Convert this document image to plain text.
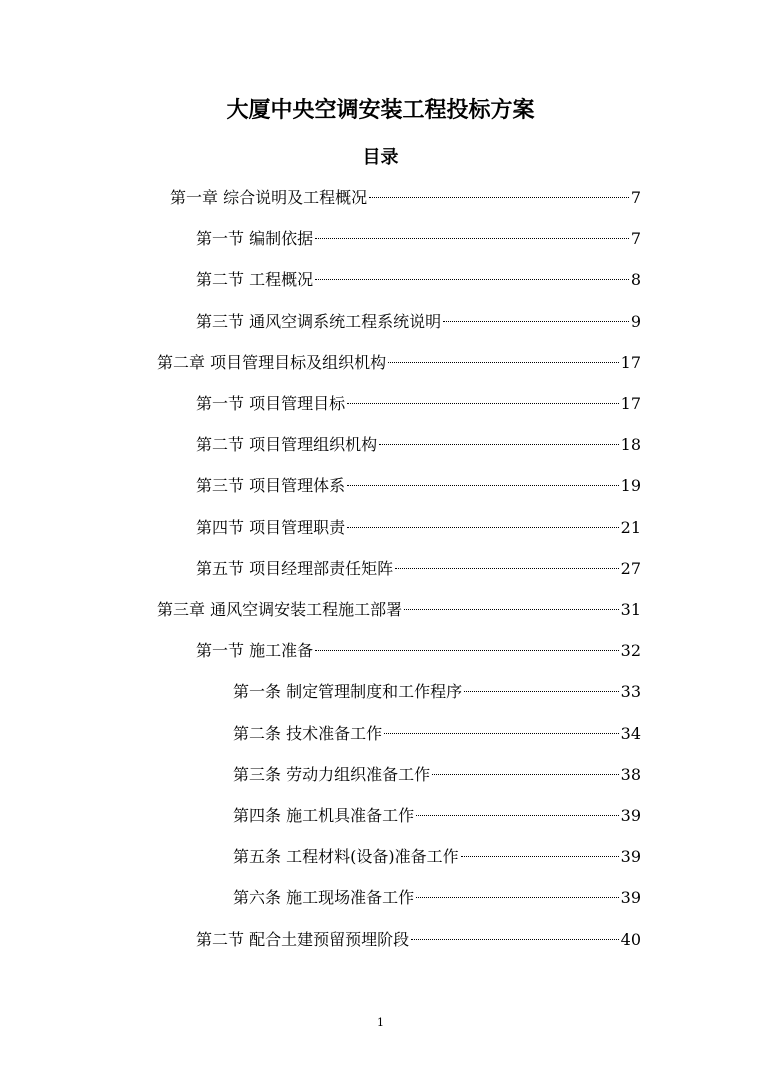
大厦中央空调安装工程投标方案
目录
第一章 综合说明及工程概况	7
第一节 编制依据	7
第二节 工程概况	8
第三节 通风空调系统工程系统说明	9
第二章 项目管理目标及组织机构	17
第一节 项目管理目标	17
第二节 项目管理组织机构	18
第三节 项目管理体系	19
第四节 项目管理职责	21
第五节 项目经理部责任矩阵	27
第三章 通风空调安装工程施工部署	31
第一节 施工准备	32
第一条 制定管理制度和工作程序	33
第二条 技术准备工作	34
第三条 劳动力组织准备工作	38
第四条 施工机具准备工作	39
第五条 工程材料(设备)准备工作	39
第六条 施工现场准备工作	39
第二节 配合土建预留预埋阶段	40
1
